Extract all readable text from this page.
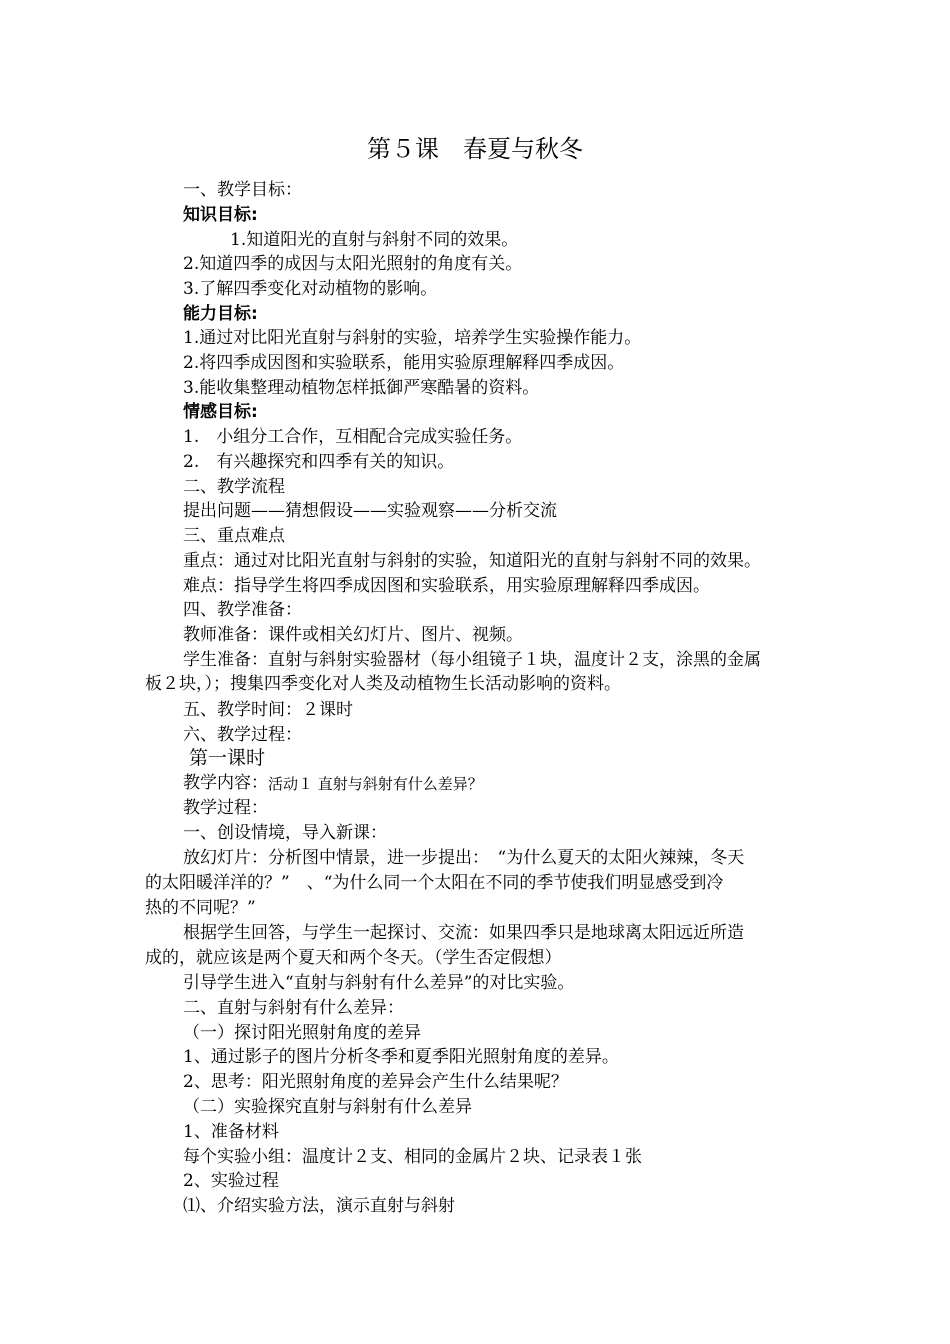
第５课　春夏与秋冬
一、教学目标：
知识目标:
1.知道阳光的直射与斜射不同的效果。
2.知道四季的成因与太阳光照射的角度有关。
3.了解四季变化对动植物的影响。
能力目标:
1.通过对比阳光直射与斜射的实验，培养学生实验操作能力。
2.将四季成因图和实验联系，能用实验原理解释四季成因。
3.能收集整理动植物怎样抵御严寒酷暑的资料。
情感目标:
1.　小组分工合作，互相配合完成实验任务。
2.　有兴趣探究和四季有关的知识。
二、教学流程
提出问题——猜想假设——实验观察——分析交流
三、重点难点
重点：通过对比阳光直射与斜射的实验，知道阳光的直射与斜射不同的效果。
难点：指导学生将四季成因图和实验联系，用实验原理解释四季成因。
四、教学准备：
教师准备：课件或相关幻灯片、图片、视频。
学生准备：直射与斜射实验器材（每小组镜子１块，温度计２支，涂黑的金属
板２块，）；搜集四季变化对人类及动植物生长活动影响的资料。
五、教学时间：２课时
六、教学过程：
第一课时
教学内容： 活动１ 直射与斜射有什么差异？
教学过程：
一、创设情境，导入新课：
放幻灯片：分析图中情景，进一步提出：　“为什么夏天的太阳火辣辣，冬天
的太阳暖洋洋的？”　、“为什么同一个太阳在不同的季节使我们明显感受到冷
热的不同呢？”
根据学生回答，与学生一起探讨、交流：如果四季只是地球离太阳远近所造
成的，就应该是两个夏天和两个冬天。（学生否定假想）
引导学生进入“直射与斜射有什么差异”的对比实验。
二、直射与斜射有什么差异：
（一）探讨阳光照射角度的差异
1、通过影子的图片分析冬季和夏季阳光照射角度的差异。
2、思考：阳光照射角度的差异会产生什么结果呢？
（二）实验探究直射与斜射有什么差异
1、准备材料
每个实验小组：温度计２支、相同的金属片２块、记录表１张
2、实验过程
⑴、介绍实验方法，演示直射与斜射
